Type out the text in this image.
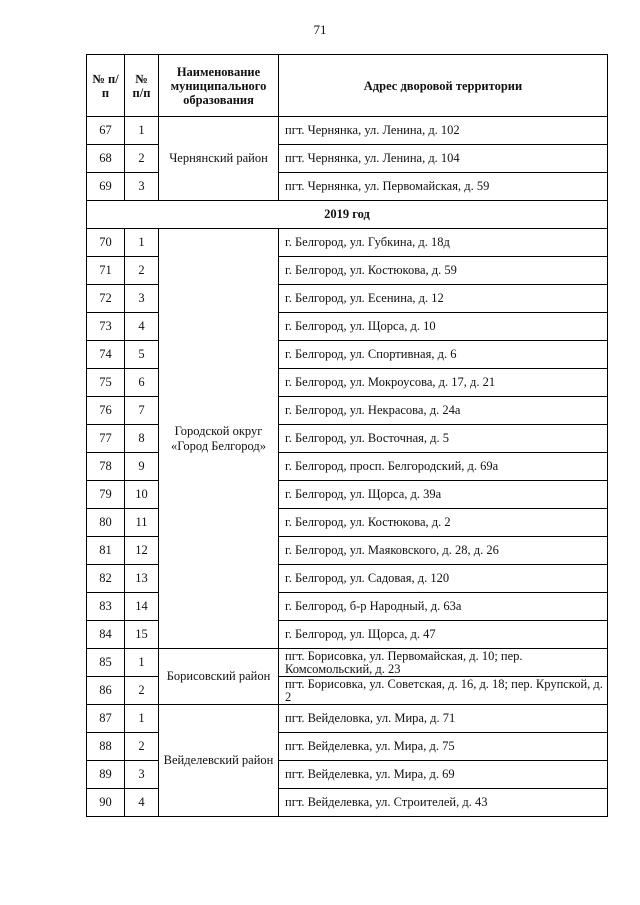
71
№ п/п	№ п/п	Наименование муниципального образования	Адрес дворовой территории
67	1	Чернянский район	пгт. Чернянка, ул. Ленина, д. 102
68	2		пгт. Чернянка, ул. Ленина, д. 104
69	3		пгт. Чернянка, ул. Первомайская, д. 59
2019 год			
70	1	Городской округ «Город Белгород»	г. Белгород, ул. Губкина, д. 18д
71	2		г. Белгород, ул. Костюкова, д. 59
72	3		г. Белгород, ул. Есенина, д. 12
73	4		г. Белгород, ул. Щорса, д. 10
74	5		г. Белгород, ул. Спортивная, д. 6
75	6		г. Белгород, ул. Мокроусова, д. 17, д. 21
76	7		г. Белгород, ул. Некрасова, д. 24а
77	8		г. Белгород, ул. Восточная, д. 5
78	9		г. Белгород, просп. Белгородский, д. 69а
79	10		г. Белгород, ул. Щорса, д. 39а
80	11		г. Белгород, ул. Костюкова, д. 2
81	12		г. Белгород, ул. Маяковского, д. 28, д. 26
82	13		г. Белгород, ул. Садовая, д. 120
83	14		г. Белгород, б-р Народный, д. 63а
84	15		г. Белгород, ул. Щорса, д. 47
85	1	Борисовский район	пгт. Борисовка, ул. Первомайская, д. 10; пер. Комсомольский, д. 23
86	2		пгт. Борисовка, ул. Советская, д. 16, д. 18; пер. Крупской, д. 2
87	1	Вейделевский район	пгт. Вейделовка, ул. Мира, д. 71
88	2		пгт. Вейделевка, ул. Мира, д. 75
89	3		пгт. Вейделевка, ул. Мира, д. 69
90	4		пгт. Вейделевка, ул. Строителей, д. 43
